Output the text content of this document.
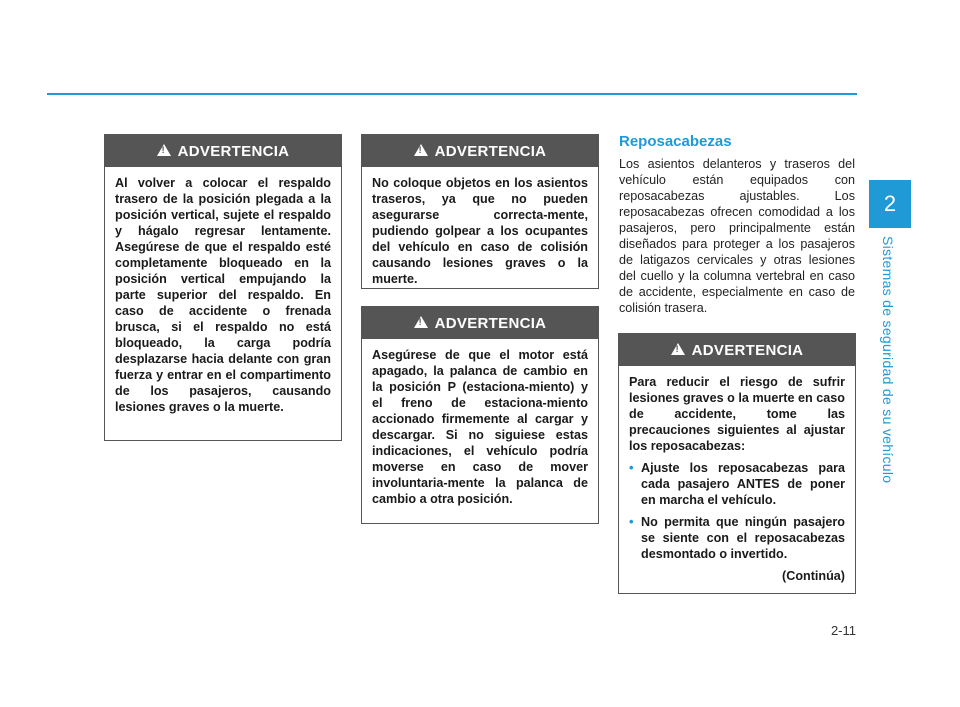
2
Sistemas de seguridad de su vehículo
!
ADVERTENCIA

Al volver a colocar el respaldo trasero de la posición plegada a la posición vertical, sujete el respaldo y hágalo regresar lentamente. Asegúrese de que el respaldo esté completamente bloqueado en la posición vertical empujando la parte superior del respaldo. En caso de accidente o frenada brusca, si el respaldo no está bloqueado, la carga podría desplazarse hacia delante con gran fuerza y entrar en el compartimento de los pasajeros, causando lesiones graves o la muerte.

!
ADVERTENCIA

No coloque objetos en los asientos traseros, ya que no pueden asegurarse correcta-mente, pudiendo golpear a los ocupantes del vehículo en caso de colisión causando lesiones graves o la muerte.

!
ADVERTENCIA

Asegúrese de que el motor está apagado, la palanca de cambio en la posición P (estaciona-miento) y el freno de estaciona-miento accionado firmemente al cargar y descargar. Si no siguiese estas indicaciones, el vehículo podría moverse en caso de mover involuntaria-mente la palanca de cambio a otra posición.

Reposacabezas
Los asientos delanteros y traseros del vehículo están equipados con reposacabezas ajustables. Los reposacabezas ofrecen comodidad a los pasajeros, pero principalmente están diseñados para proteger a los pasajeros de latigazos cervicales y otras lesiones del cuello y la columna vertebral en caso de accidente, especialmente en caso de colisión trasera.
!
ADVERTENCIA

Para reducir el riesgo de sufrir lesiones graves o la muerte en caso de accidente, tome las precauciones siguientes al ajustar los reposacabezas:

• Ajuste los reposacabezas para cada pasajero ANTES de poner en marcha el vehículo.
• No permita que ningún pasajero se siente con el reposacabezas desmontado o invertido.
(Continúa)
2-11
